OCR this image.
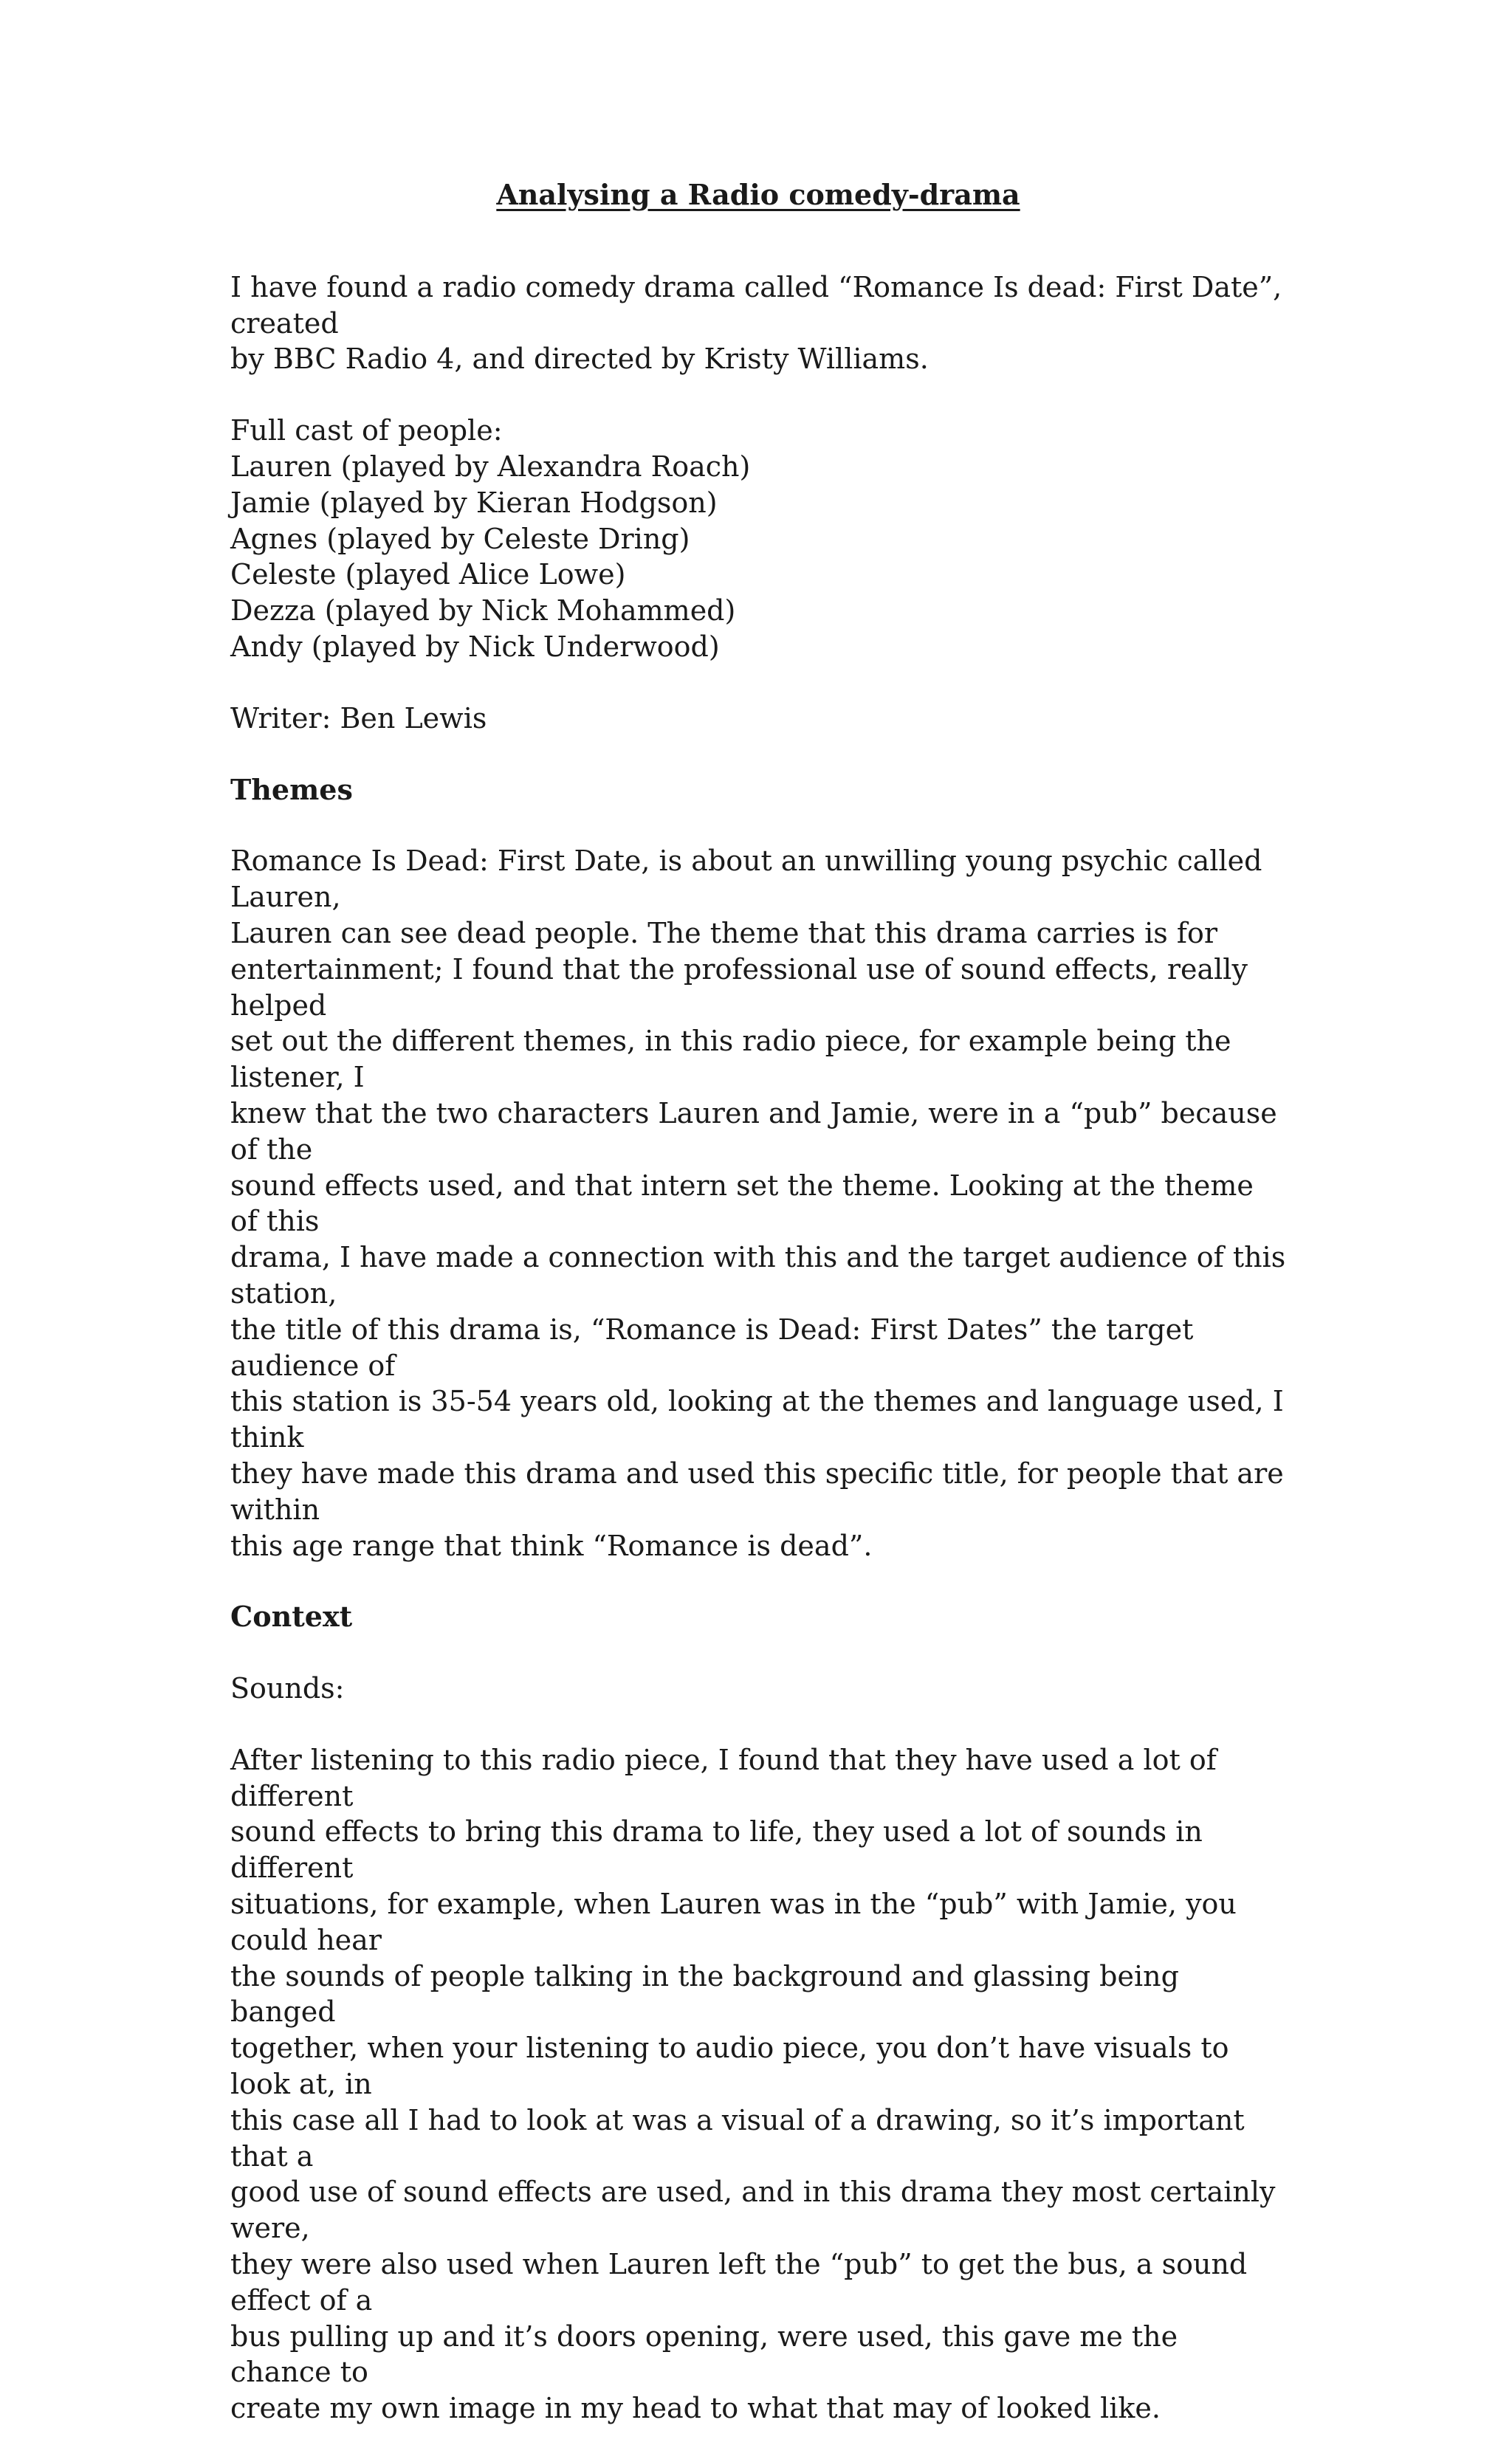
Analysing a Radio comedy-drama

I have found a radio comedy drama called “Romance Is dead: First Date”, created
by BBC Radio 4, and directed by Kristy Williams.

Full cast of people:
Lauren (played by Alexandra Roach)
Jamie (played by Kieran Hodgson)
Agnes (played by Celeste Dring)
Celeste (played Alice Lowe)
Dezza (played by Nick Mohammed)
Andy (played by Nick Underwood)

Writer: Ben Lewis

Themes

Romance Is Dead: First Date, is about an unwilling young psychic called Lauren,
Lauren can see dead people. The theme that this drama carries is for
entertainment; I found that the professional use of sound effects, really helped
set out the different themes, in this radio piece, for example being the listener, I
knew that the two characters Lauren and Jamie, were in a “pub” because of the
sound effects used, and that intern set the theme. Looking at the theme of this
drama, I have made a connection with this and the target audience of this station,
the title of this drama is, “Romance is Dead: First Dates” the target audience of
this station is 35-54 years old, looking at the themes and language used, I think
they have made this drama and used this specific title, for people that are within
this age range that think “Romance is dead”.

Context

Sounds:

After listening to this radio piece, I found that they have used a lot of different
sound effects to bring this drama to life, they used a lot of sounds in different
situations, for example, when Lauren was in the “pub” with Jamie, you could hear
the sounds of people talking in the background and glassing being banged
together, when your listening to audio piece, you don’t have visuals to look at, in
this case all I had to look at was a visual of a drawing, so it’s important that a
good use of sound effects are used, and in this drama they most certainly were,
they were also used when Lauren left the “pub” to get the bus, a sound effect of a
bus pulling up and it’s doors opening, were used, this gave me the chance to
create my own image in my head to what that may of looked like.
